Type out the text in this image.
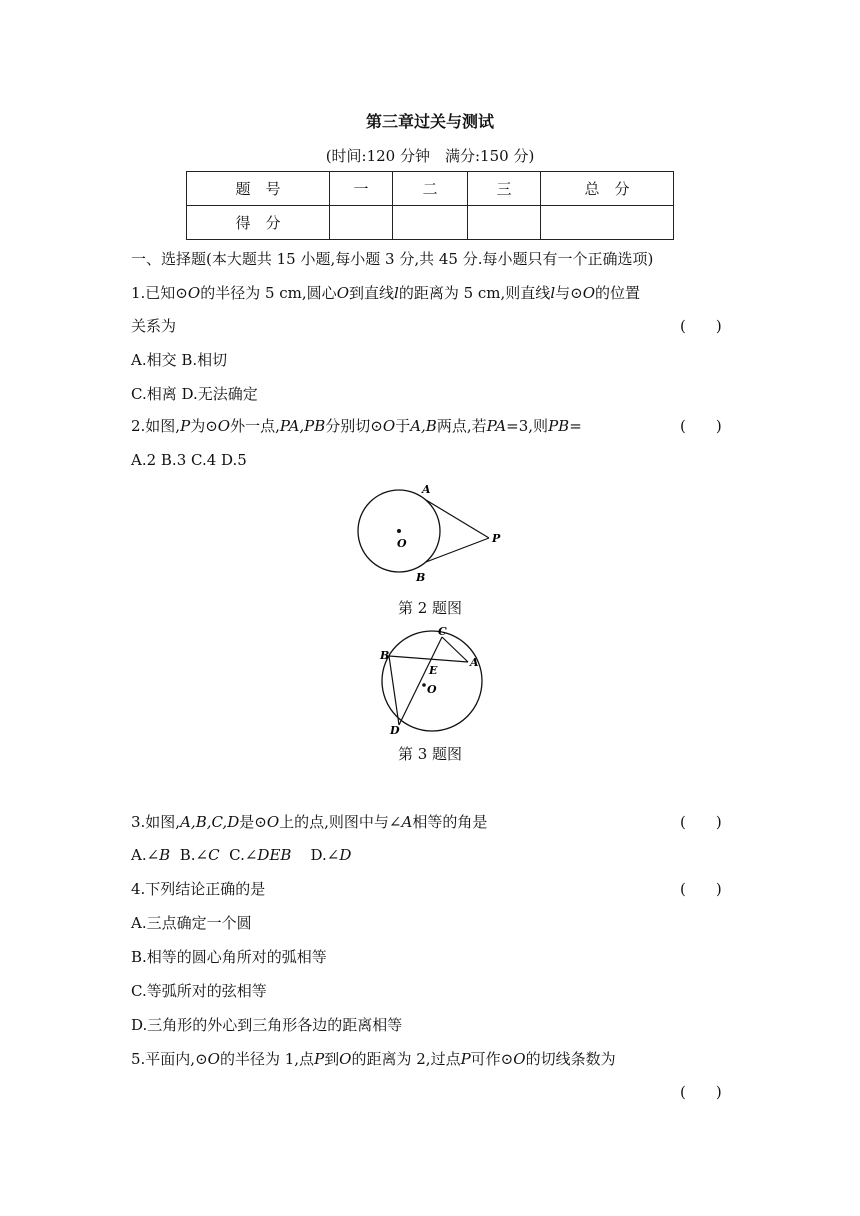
第三章过关与测试
(时间:120 分钟　满分:150 分)
题　号	一	二	三	总　分
得　分				
一、选择题(本大题共 15 小题,每小题 3 分,共 45 分.每小题只有一个正确选项)
1.已知⊙O的半径为 5 cm,圆心O到直线l的距离为 5 cm,则直线l与⊙O的位置
关系为	(　　)
A.相交 B.相切
C.相离 D.无法确定
2.如图,P为⊙O外一点,PA,PB分别切⊙O于A,B两点,若PA=3,则PB=	(　　)
A.2 B.3 C.4 D.5
A
B
O	P
第 2 题图
C
B
A
E
O
D
第 3 题图
3.如图,A,B,C,D是⊙O上的点,则图中与∠A相等的角是	(　　)
A.∠B B.∠C C.∠DEB D.∠D
4.下列结论正确的是	(　　)
A.三点确定一个圆
B.相等的圆心角所对的弧相等
C.等弧所对的弦相等
D.三角形的外心到三角形各边的距离相等
5.平面内,⊙O的半径为 1,点P到O的距离为 2,过点P可作⊙O的切线条数为
(　　)
